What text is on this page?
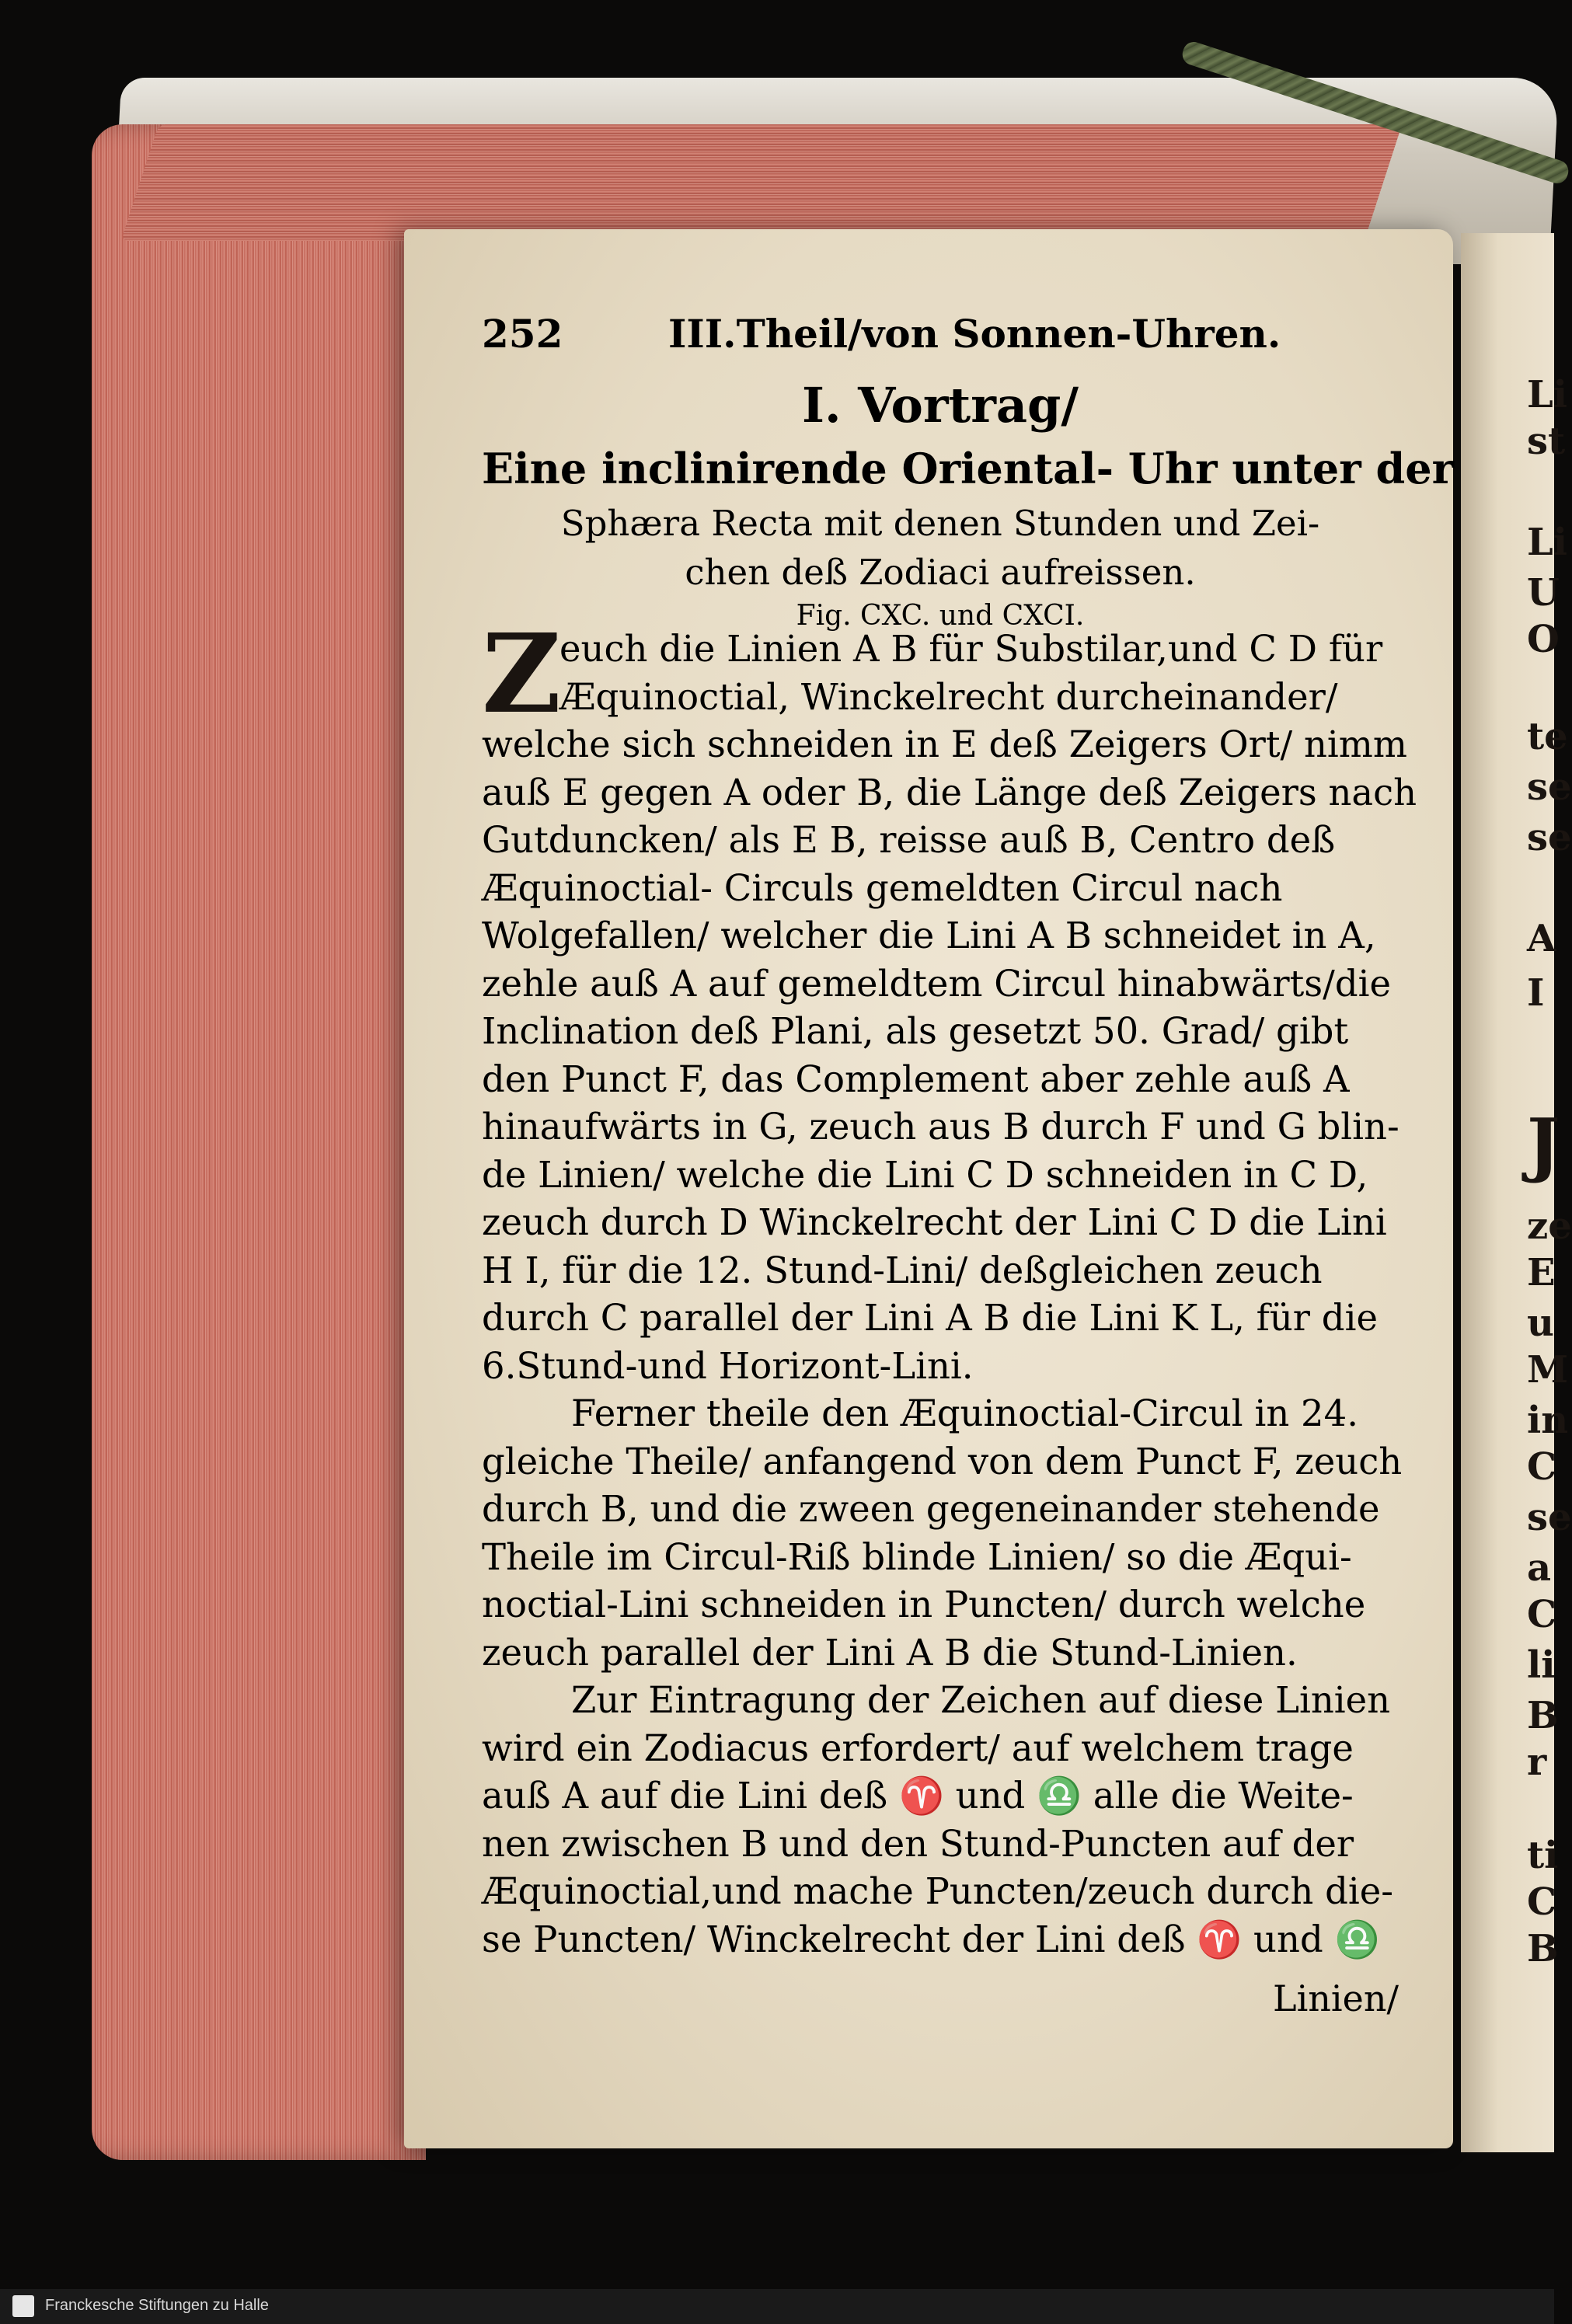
252	III.Theil/von Sonnen-Uhren.
I. Vortrag/
Eine inclinirende Oriental- Uhr unter der
Sphæra Recta mit denen Stunden und Zei-
chen deß Zodiaci aufreissen.
Fig. CXC. und CXCI.
Z
euch die Linien A B für Substilar,und C D für
Æquinoctial, Winckelrecht durcheinander/
welche sich schneiden in E deß Zeigers Ort/ nimm
auß E gegen A oder B, die Länge deß Zeigers nach
Gutduncken/ als E B, reisse auß B, Centro deß
Æquinoctial- Circuls gemeldten Circul nach
Wolgefallen/ welcher die Lini A B schneidet in A,
zehle auß A auf gemeldtem Circul hinabwärts/die
Inclination deß Plani, als gesetzt 50. Grad/ gibt
den Punct F, das Complement aber zehle auß A
hinaufwärts in G, zeuch aus B durch F und G blin-
de Linien/ welche die Lini C D schneiden in C D,
zeuch durch D Winckelrecht der Lini C D die Lini
H I, für die 12. Stund-Lini/ deßgleichen zeuch
durch C parallel der Lini A B die Lini K L, für die
6.Stund-und Horizont-Lini.
Ferner theile den Æquinoctial-Circul in 24.
gleiche Theile/ anfangend von dem Punct F, zeuch
durch B, und die zween gegeneinander stehende
Theile im Circul-Riß blinde Linien/ so die Æqui-
noctial-Lini schneiden in Puncten/ durch welche
zeuch parallel der Lini A B die Stund-Linien.
Zur Eintragung der Zeichen auf diese Linien
wird ein Zodiacus erfordert/ auf welchem trage
auß A auf die Lini deß ♈ und ♎ alle die Weite-
nen zwischen B und den Stund-Puncten auf der
Æquinoctial,und mache Puncten/zeuch durch die-
se Puncten/ Winckelrecht der Lini deß ♈ und ♎
Linien/
Li
st
Li
U
O
te
se
se
A
I
J
ze
E
u
M
in
C
se
a
C
li
B
r
ti
C
B
Franckesche Stiftungen zu Halle
